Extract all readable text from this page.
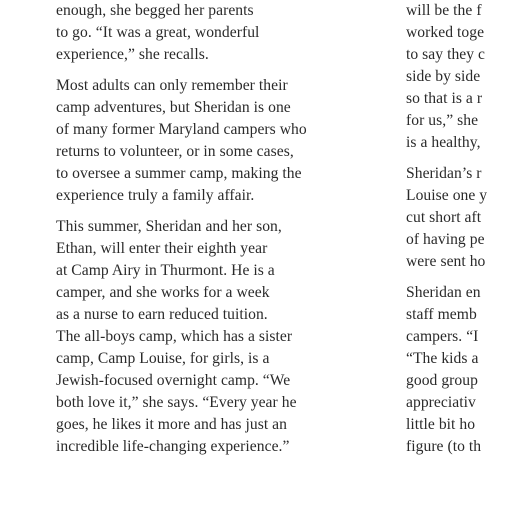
enough, she begged her parents
to go. “It was a great, wonderful
experience,” she recalls.

Most adults can only remember their
camp adventures, but Sheridan is one
of many former Maryland campers who
returns to volunteer, or in some cases,
to oversee a summer camp, making the
experience truly a family affair.

This summer, Sheridan and her son,
Ethan, will enter their eighth year
at Camp Airy in Thurmont. He is a
camper, and she works for a week
as a nurse to earn reduced tuition.
The all-boys camp, which has a sister
camp, Camp Louise, for girls, is a
Jewish-focused overnight camp. “We
both love it,” she says. “Every year he
goes, he likes it more and has just an
incredible life-changing experience.”

will be the f
worked toge
to say they c
side by side
so that is a r
for us,” she
is a healthy,

Sheridan’s r
Louise one y
cut short aft
of having pe
were sent ho

Sheridan en
staff memb
campers. “I
“The kids a
good group
appreciativ
little bit ho
figure (to th
